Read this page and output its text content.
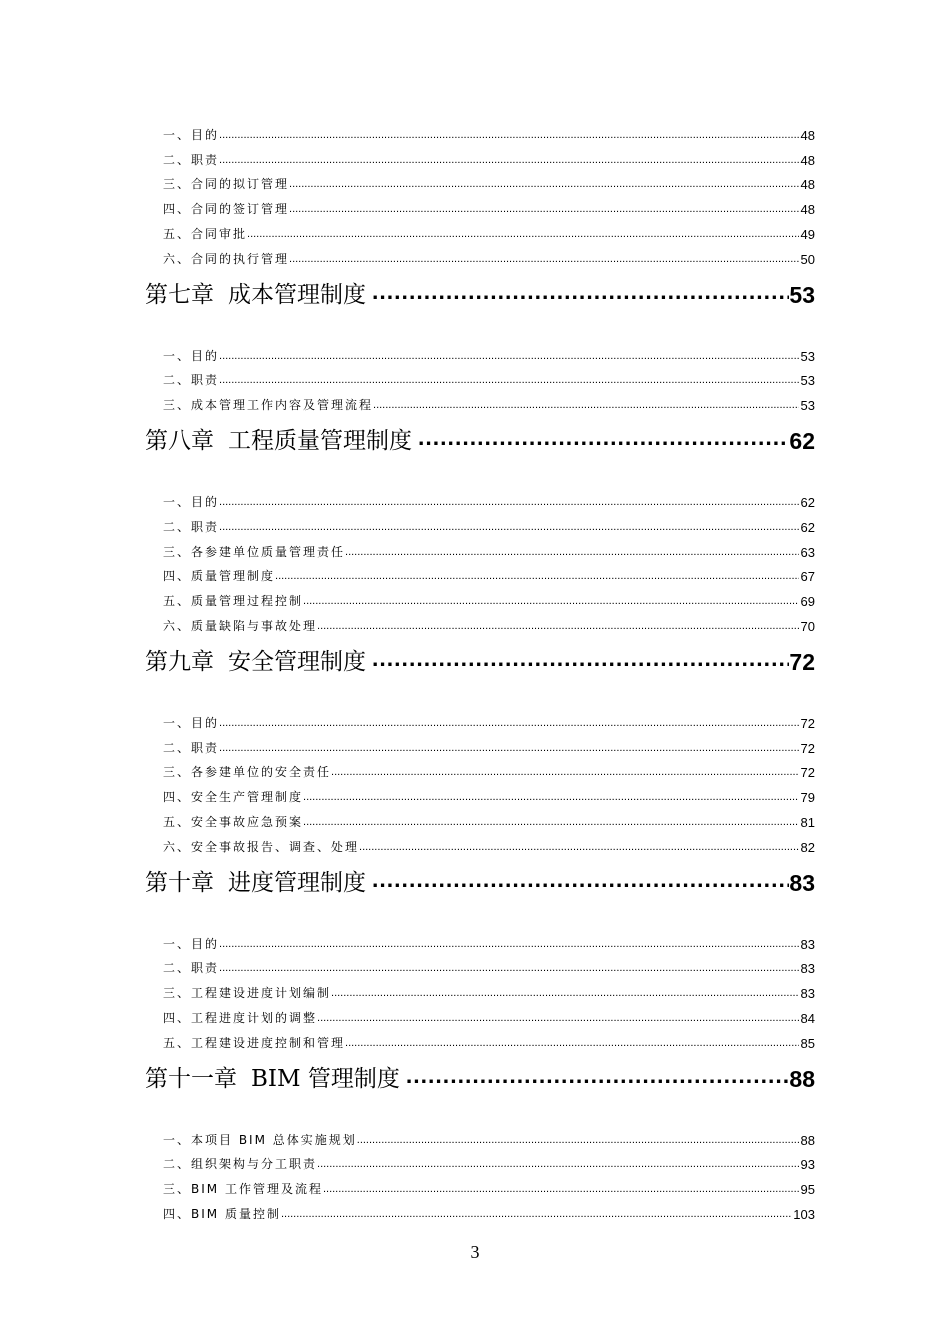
一、目的 .....	48
二、职责 .....	48
三、合同的拟订管理 .....	48
四、合同的签订管理 .....	48
五、合同审批 .....	49
六、合同的执行管理 .....	50
第七章 成本管理制度 .....	53
一、目的 .....	53
二、职责 .....	53
三、成本管理工作内容及管理流程 .....	53
第八章 工程质量管理制度 .....	62
一、目的 .....	62
二、职责 .....	62
三、各参建单位质量管理责任 .....	63
四、质量管理制度 .....	67
五、质量管理过程控制 .....	69
六、质量缺陷与事故处理 .....	70
第九章 安全管理制度 .....	72
一、目的 .....	72
二、职责 .....	72
三、各参建单位的安全责任 .....	72
四、安全生产管理制度 .....	79
五、安全事故应急预案 .....	81
六、安全事故报告、调查、处理 .....	82
第十章 进度管理制度 .....	83
一、目的 .....	83
二、职责 .....	83
三、工程建设进度计划编制 .....	83
四、工程进度计划的调整 .....	84
五、工程建设进度控制和管理 .....	85
第十一章 BIM 管理制度 .....	88
一、本项目 BIM 总体实施规划 .....	88
二、组织架构与分工职责 .....	93
三、BIM 工作管理及流程 .....	95
四、BIM 质量控制 .....	103
3
